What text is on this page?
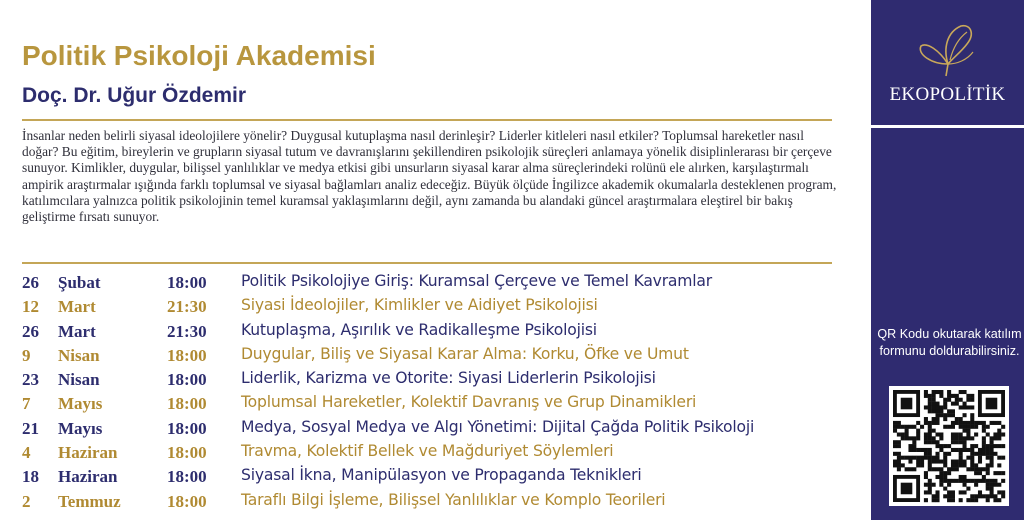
Politik Psikoloji Akademisi
Doç. Dr. Uğur Özdemir

İnsanlar neden belirli siyasal ideolojilere yönelir? Duygusal kutuplaşma nasıl derinleşir? Liderler kitleleri nasıl etkiler? Toplumsal hareketler nasıl doğar? Bu eğitim, bireylerin ve grupların siyasal tutum ve davranışlarını şekillendiren psikolojik süreçleri anlamaya yönelik disiplinlerarası bir çerçeve sunuyor. Kimlikler, duygular, bilişsel yanlılıklar ve medya etkisi gibi unsurların siyasal karar alma süreçlerindeki rolünü ele alırken, karşılaştırmalı ampirik araştırmalar ışığında farklı toplumsal ve siyasal bağlamları analiz edeceğiz. Büyük ölçüde İngilizce akademik okumalarla desteklenen program, katılımcılara yalnızca politik psikolojinin temel kuramsal yaklaşımlarını değil, aynı zamanda bu alandaki güncel araştırmalara eleştirel bir bakış geliştirme fırsatı sunuyor.

26 Şubat	18:00 Politik Psikolojiye Giriş: Kuramsal Çerçeve ve Temel Kavramlar
12 Mart	21:30 Siyasi İdeolojiler, Kimlikler ve Aidiyet Psikolojisi
26 Mart	21:30 Kutuplaşma, Aşırılık ve Radikalleşme Psikolojisi
9 Nisan	18:00 Duygular, Biliş ve Siyasal Karar Alma: Korku, Öfke ve Umut
23 Nisan	18:00 Liderlik, Karizma ve Otorite: Siyasi Liderlerin Psikolojisi
7 Mayıs	18:00 Toplumsal Hareketler, Kolektif Davranış ve Grup Dinamikleri
21 Mayıs	18:00 Medya, Sosyal Medya ve Algı Yönetimi: Dijital Çağda Politik Psikoloji
4 Haziran	18:00 Travma, Kolektif Bellek ve Mağduriyet Söylemleri
18 Haziran	18:00 Siyasal İkna, Manipülasyon ve Propaganda Teknikleri
2 Temmuz	18:00 Taraflı Bilgi İşleme, Bilişsel Yanlılıklar ve Komplo Teorileri
EKOPOLİTİK
QR Kodu okutarak katılım formunu doldurabilirsiniz.
